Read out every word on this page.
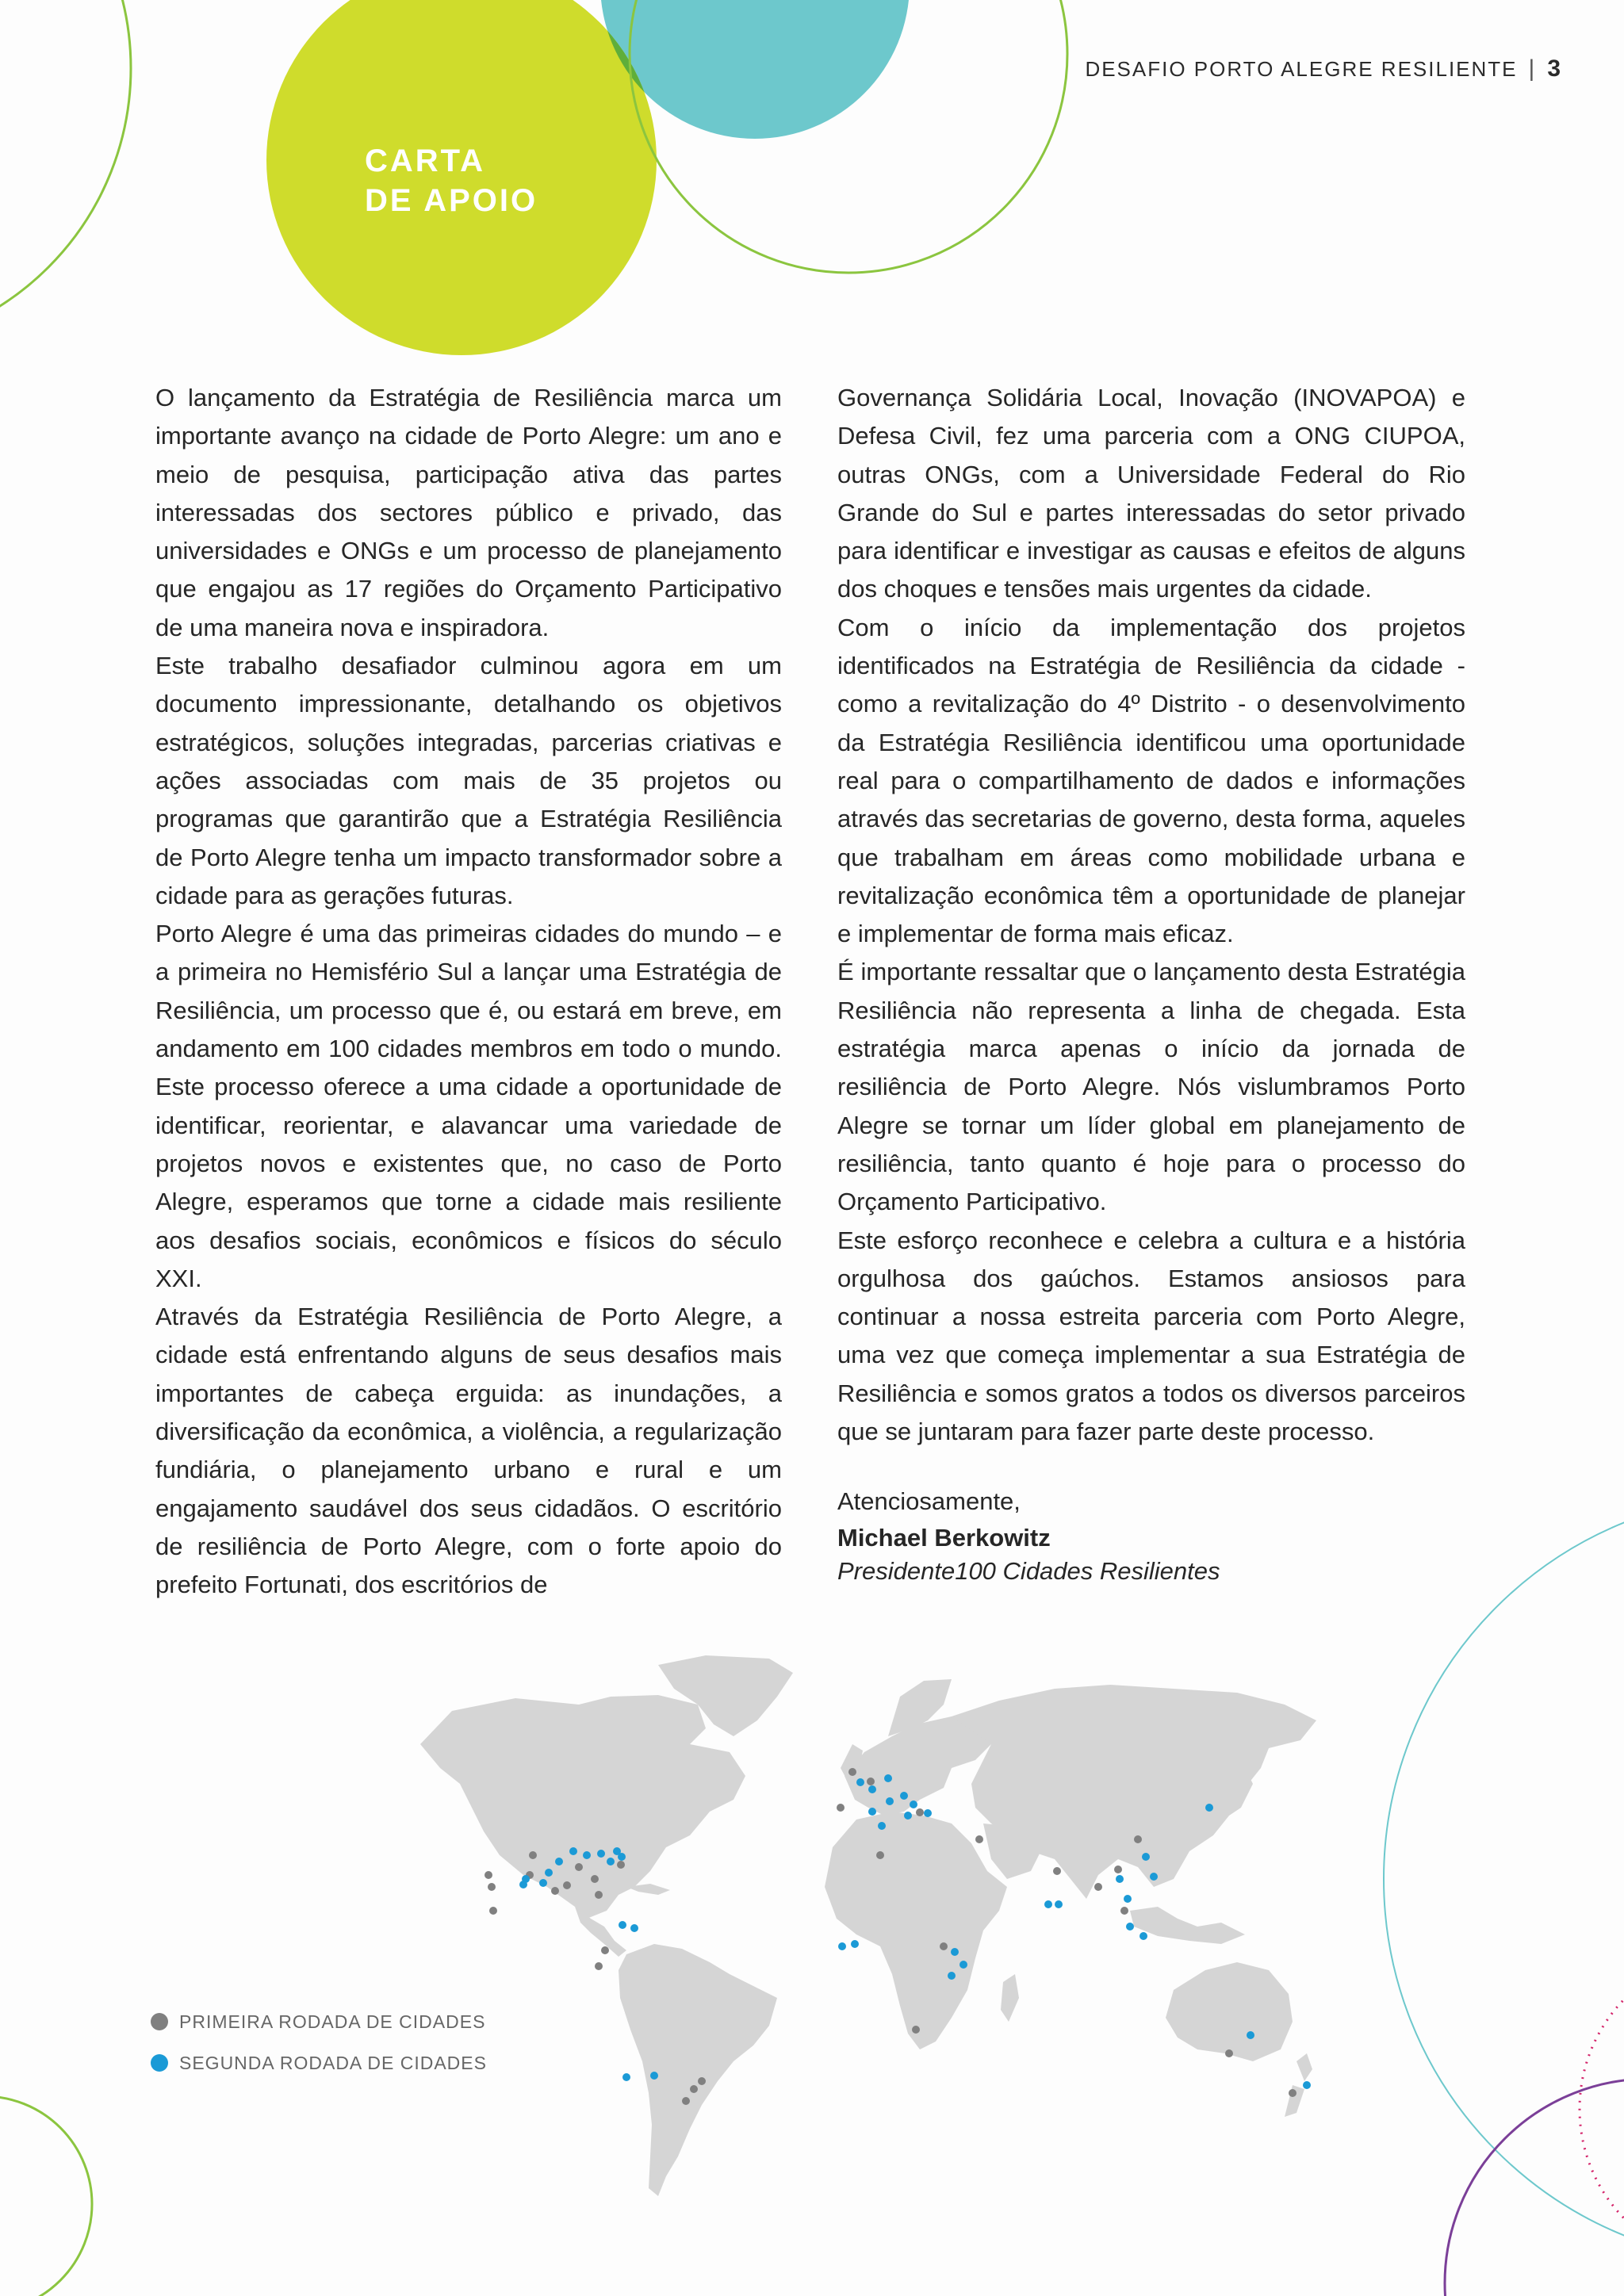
DESAFIO PORTO ALEGRE RESILIENTE | 3
CARTA
DE APOIO

O lançamento da Estratégia de Resiliência marca um importante avanço na cidade de Porto Alegre: um ano e meio de pesquisa, participação ativa das partes interessadas dos sectores público e privado, das universidades e ONGs e um processo de planejamento que engajou as 17 regiões do Orçamento Participativo de uma maneira nova e inspiradora.

Este trabalho desafiador culminou agora em um documento impressionante, detalhando os objetivos estratégicos, soluções integradas, parcerias criativas e ações associadas com mais de 35 projetos ou programas que garantirão que a Estratégia Resiliência de Porto Alegre tenha um impacto transformador sobre a cidade para as gerações futuras.

Porto Alegre é uma das primeiras cidades do mundo – e a primeira no Hemisfério Sul a lançar uma Estratégia de Resiliência, um processo que é, ou estará em breve, em andamento em 100 cidades membros em todo o mundo. Este processo oferece a uma cidade a oportunidade de identificar, reorientar, e alavancar uma variedade de projetos novos e existentes que, no caso de Porto Alegre, esperamos que torne a cidade mais resiliente aos desafios sociais, econômicos e físicos do século XXI.

Através da Estratégia Resiliência de Porto Alegre, a cidade está enfrentando alguns de seus desafios mais importantes de cabeça erguida: as inundações, a diversificação da econômica, a violência, a regularização fundiária, o planejamento urbano e rural e um engajamento saudável dos seus cidadãos. O escritório de resiliência de Porto Alegre, com o forte apoio do prefeito Fortunati, dos escritórios de

Governança Solidária Local, Inovação (INOVAPOA) e Defesa Civil, fez uma parceria com a ONG CIUPOA, outras ONGs, com a Universidade Federal do Rio Grande do Sul e partes interessadas do setor privado para identificar e investigar as causas e efeitos de alguns dos choques e tensões mais urgentes da cidade.

Com o início da implementação dos projetos identificados na Estratégia de Resiliência da cidade - como a revitalização do 4º Distrito - o desenvolvimento da Estratégia Resiliência identificou uma oportunidade real para o compartilhamento de dados e informações através das secretarias de governo, desta forma, aqueles que trabalham em áreas como mobilidade urbana e revitalização econômica têm a oportunidade de planejar e implementar de forma mais eficaz.

É importante ressaltar que o lançamento desta Estratégia Resiliência não representa a linha de chegada. Esta estratégia marca apenas o início da jornada de resiliência de Porto Alegre. Nós vislumbramos Porto Alegre se tornar um líder global em planejamento de resiliência, tanto quanto é hoje para o processo do Orçamento Participativo.

Este esforço reconhece e celebra a cultura e a história orgulhosa dos gaúchos. Estamos ansiosos para continuar a nossa estreita parceria com Porto Alegre, uma vez que começa implementar a sua Estratégia de Resiliência e somos gratos a todos os diversos parceiros que se juntaram para fazer parte deste processo.

Atenciosamente,

Michael Berkowitz

Presidente100 Cidades Resilientes

PRIMEIRA RODADA DE CIDADES
SEGUNDA RODADA DE CIDADES
